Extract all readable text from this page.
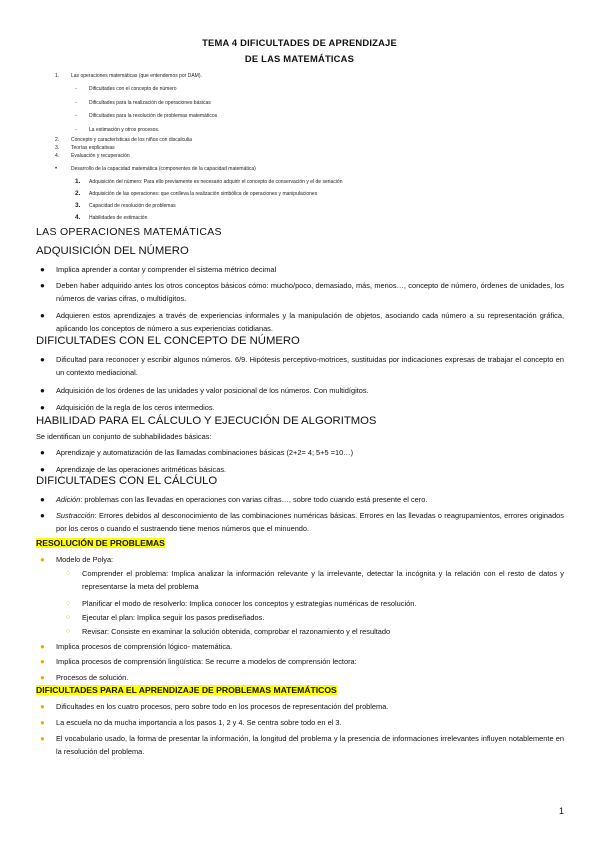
TEMA 4 DIFICULTADES DE APRENDIZAJE
DE LAS MATEMÁTICAS
1. Las operaciones matemáticas (que entendemos por DAM).
- Dificultades con el concepto de número
- Dificultades para la realización de operaciones básicas
- Dificultades para la resolución de problemas matemáticos
- La estimación y otros procesos.
2. Concepto y características de los niños con discalculia
3. Teorías explicativas
4. Evaluación y recuperación
•	Desarrollo de la capacidad matemática (componentes de la capacidad matemática)
1. Adquisición del número: Para ello previamente es necesario adquirir el concepto de conservación y el de seriación
2. Adquisición de las operaciones: que conlleva la realización simbólica de operaciones y manipulaciones
3. Capacidad de resolución de problemas
4. Habilidades de estimación
LAS OPERACIONES MATEMÁTICAS
ADQUISICIÓN DEL NÚMERO
● Implica aprender a contar y comprender el sistema métrico decimal
● Deben haber adquirido antes los otros conceptos básicos cómo: mucho/poco, demasiado, más, menos…, concepto de número, órdenes de unidades, los números de varias cifras, o multidígitos.
● Adquieren estos aprendizajes a través de experiencias informales y la manipulación de objetos, asociando cada número a su representación gráfica, aplicando los conceptos de número a sus experiencias cotidianas.
DIFICULTADES CON EL CONCEPTO DE NÚMERO
● Dificultad para reconocer y escribir algunos números. 6/9. Hipótesis perceptivo-motrices, sustituidas por indicaciones expresas de trabajar el concepto en un contexto mediacional.
● Adquisición de los órdenes de las unidades y valor posicional de los números. Con multidígitos.
● Adquisición de la regla de los ceros intermedios.
HABILIDAD PARA EL CÁLCULO Y EJECUCIÓN DE ALGORITMOS
Se identifican un conjunto de subhabilidades básicas:
● Aprendizaje y automatización de las llamadas combinaciones básicas (2+2= 4; 5+5 =10…)
● Aprendizaje de las operaciones aritméticas básicas.
DIFICULTADES CON EL CÁLCULO
● Adición: problemas con las llevadas en operaciones con varias cifras…, sobre todo cuando está presente el cero.
● Sustracción: Errores debidos al desconocimiento de las combinaciones numéricas básicas. Errores en las llevadas o reagrupamientos, errores originados por los ceros o cuando el sustraendo tiene menos números que el minuendo.
RESOLUCIÓN DE PROBLEMAS
● Modelo de Polya:
○ Comprender el problema: Implica analizar la información relevante y la irrelevante, detectar la incógnita y la relación con el resto de datos y representarse la meta del problema
○ Planificar el modo de resolverlo: Implica conocer los conceptos y estrategias numéricas de resolución.
○ Ejecutar el plan: Implica seguir los pasos prediseñados.
○ Revisar: Consiste en examinar la solución obtenida, comprobar el razonamiento y el resultado
● Implica procesos de comprensión lógico- matemática.
● Implica procesos de comprensión lingüística: Se recurre a modelos de comprensión lectora:
● Procesos de solución.
DIFICULTADES PARA EL APRENDIZAJE DE PROBLEMAS MATEMÁTICOS
● Dificultades en los cuatro procesos, pero sobre todo en los procesos de representación del problema.
● La escuela no da mucha importancia a los pasos 1, 2 y 4. Se centra sobre todo en el 3.
● El vocabulario usado, la forma de presentar la información, la longitud del problema y la presencia de informaciones irrelevantes influyen notablemente en la resolución del problema.
1
